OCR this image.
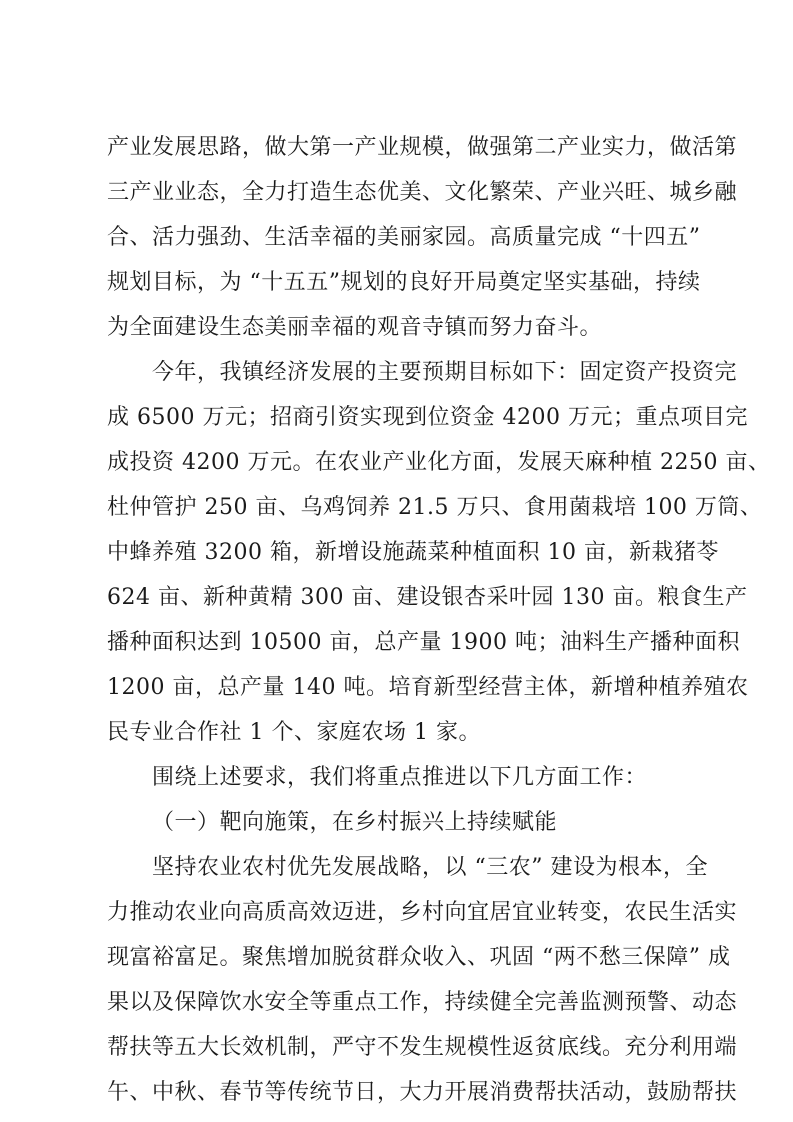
产业发展思路，做大第一产业规模，做强第二产业实力，做活第
三产业业态，全力打造生态优美、文化繁荣、产业兴旺、城乡融
合、活力强劲、生活幸福的美丽家园。高质量完成 “十四五”
规划目标，为 “十五五”规划的良好开局奠定坚实基础，持续
为全面建设生态美丽幸福的观音寺镇而努力奋斗。
今年，我镇经济发展的主要预期目标如下：固定资产投资完
成 6500 万元；招商引资实现到位资金 4200 万元；重点项目完
成投资 4200 万元。在农业产业化方面，发展天麻种植 2250 亩、
杜仲管护 250 亩、乌鸡饲养 21.5 万只、食用菌栽培 100 万筒、
中蜂养殖 3200 箱，新增设施蔬菜种植面积 10 亩，新栽猪苓
624 亩、新种黄精 300 亩、建设银杏采叶园 130 亩。粮食生产
播种面积达到 10500 亩，总产量 1900 吨；油料生产播种面积
1200 亩，总产量 140 吨。培育新型经营主体，新增种植养殖农
民专业合作社 1 个、家庭农场 1 家。
围绕上述要求，我们将重点推进以下几方面工作：
（一）靶向施策，在乡村振兴上持续赋能
坚持农业农村优先发展战略，以 “三农” 建设为根本，全
力推动农业向高质高效迈进，乡村向宜居宜业转变，农民生活实
现富裕富足。聚焦增加脱贫群众收入、巩固 “两不愁三保障” 成
果以及保障饮水安全等重点工作，持续健全完善监测预警、动态
帮扶等五大长效机制，严守不发生规模性返贫底线。充分利用端
午、中秋、春节等传统节日，大力开展消费帮扶活动，鼓励帮扶
